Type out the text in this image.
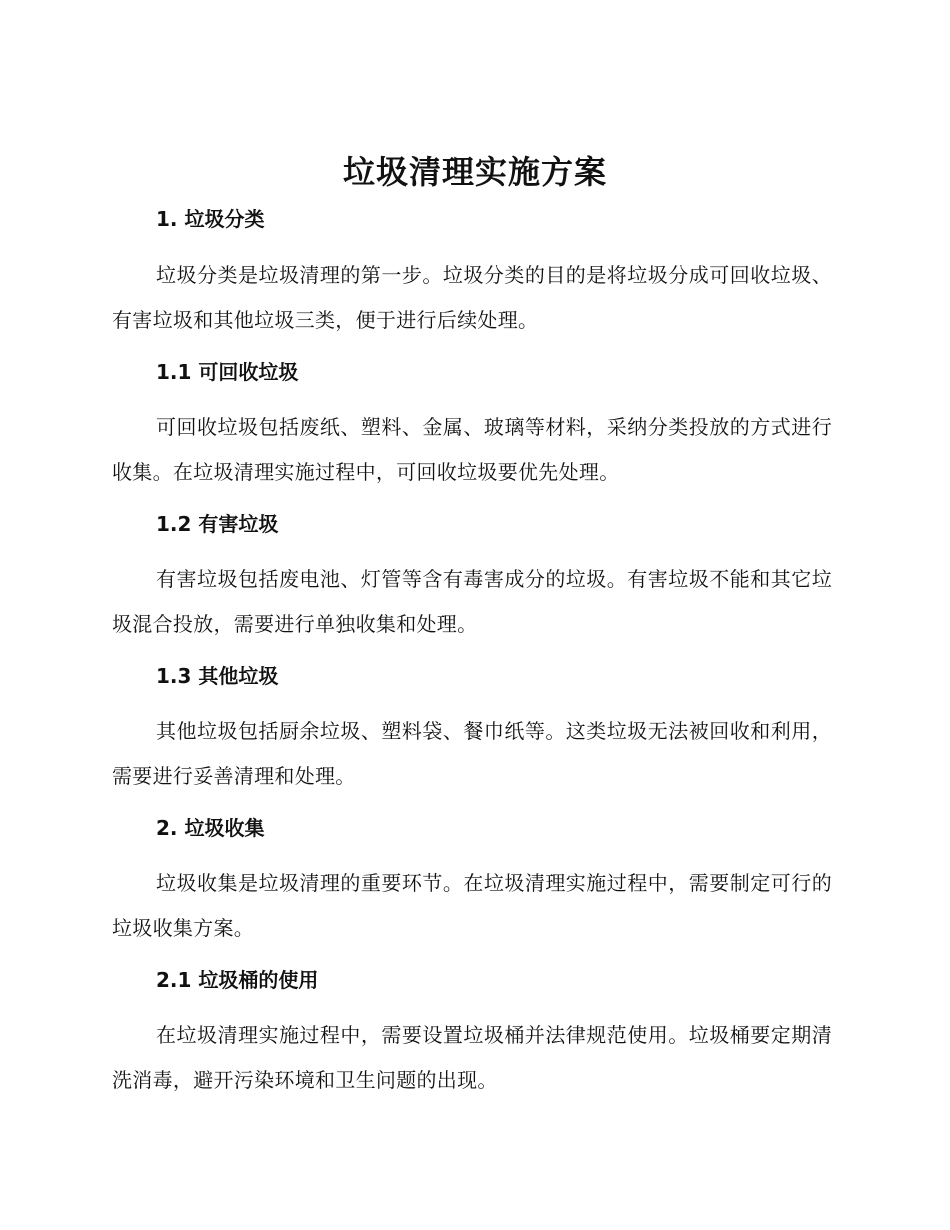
垃圾清理实施方案
1. 垃圾分类

垃圾分类是垃圾清理的第一步。垃圾分类的目的是将垃圾分成可回收垃圾、有害垃圾和其他垃圾三类，便于进行后续处理。

1.1 可回收垃圾

可回收垃圾包括废纸、塑料、金属、玻璃等材料，采纳分类投放的方式进行收集。在垃圾清理实施过程中，可回收垃圾要优先处理。

1.2 有害垃圾

有害垃圾包括废电池、灯管等含有毒害成分的垃圾。有害垃圾不能和其它垃圾混合投放，需要进行单独收集和处理。

1.3 其他垃圾

其他垃圾包括厨余垃圾、塑料袋、餐巾纸等。这类垃圾无法被回收和利用，需要进行妥善清理和处理。

2. 垃圾收集

垃圾收集是垃圾清理的重要环节。在垃圾清理实施过程中，需要制定可行的垃圾收集方案。

2.1 垃圾桶的使用

在垃圾清理实施过程中，需要设置垃圾桶并法律规范使用。垃圾桶要定期清洗消毒，避开污染环境和卫生问题的出现。
